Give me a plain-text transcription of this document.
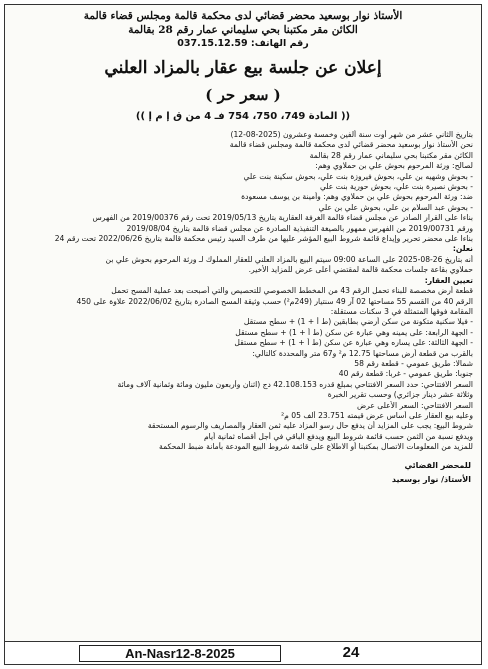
الأستاذ نوار بوسعيد محضر قضائي لدى محكمة قالمة ومجلس قضاء قالمة
الكائن مقر مكتبنا بحي سليماني عمار رقم 28 بقالمة
رقم الهاتف: 037.15.12.59
إعلان عن جلسة بيع عقار بالمزاد العلني
( سعر حر )
(( المادة 749، 750، 754 فـ 4 من ق إ م إ ))

بتاريخ الثاني عشر من شهر أوت سنة ألفين وخمسة وعشرون (2025-08-12)

نحن الأستاذ نوار بوسعيد محضر قضائي لدى محكمة قالمة ومجلس قضاء قالمة

الكائن مقر مكتبنا بحي سليماني عمار رقم 28 بقالمة

لصالح: ورثة المرحوم بحوش علي بن حملاوي وهم:

- بحوش وشهيه بن علي، بحوش فيروزة بنت علي، بحوش سكينة بنت علي

- بحوش نصيرة بنت علي، بحوش حورية بنت علي

ضد: ورثة المرحوم بحوش علي بن حملاوي وهم: وأمينة بن يوسف مسعودة

- بحوش عبد السلام بن علي، بحوش علي بن علي

بناءا على القرار الصادر عن مجلس قضاء قالمة الغرفة العقارية بتاريخ 2019/05/13 تحت رقم 2019/00376 من الفهرس

ورقم 2019/00731 من الفهرس ممهور بالصيغة التنفيذية الصادرة عن مجلس قضاء قالمة بتاريخ 2019/08/04

بناءا على محضر تحرير وإيداع قائمة شروط البيع المؤشر عليها من طرف السيد رئيس محكمة قالمة بتاريخ 2022/06/26 تحت رقم 24

نعلن:

أنه بتاريخ 26-08-2025 على الساعة 09:00 سيتم البيع بالمزاد العلني للعقار المملوك لـ ورثة المرحوم بحوش علي بن

حملاوي بقاعة جلسات محكمة قالمة لمقتضي أعلى عرض للمزايد الأخير.

تعيين العقار:

قطعة أرض مخصصة للبناء تحمل الرقم 43 من المخطط الخصوصي للتحصيص والتي أصبحت بعد عملية المسح تحمل

الرقم 40 من القسم 55 مساحتها 02 آر 49 سنتيار (249م²) حسب وثيقة المسح الصادرة بتاريخ 2022/06/02 علاوة على 450

المقامة فوقها المتمثلة في 3 سكنات مستقلة:

- فيلا سكنية متكونة من سكن أرضي بطابقين (ط أ + 1) + سطح مستقل

- الجهة الرابعة: على يمينه وهي عبارة عن سكن (ط أ + 1) + سطح مستقل

- الجهة الثالثة: على يساره وهي عبارة عن سكن (ط أ + 1) + سطح مستقل

بالقرب من قطعة أرض مساحتها 12.75 م² و67 متر والمحددة كالتالي:

شمالا: طريق عمومي - قطعة رقم 58

جنوبا: طريق عمومي - غربا: قطعة رقم 40

السعر الافتتاحي: حدد السعر الافتتاحي بمبلغ قدره 42.108.153 دج (اثنان وأربعون مليون ومائة وثمانية آلاف ومائة

وثلاثة عشر دينار جزائري) وحسب تقرير الخبرة

السعر الافتتاحي: السعر الأعلى عرض

وعليه بيع العقار على أساس عرض قيمته 23.751 ألف 05 م²

شروط البيع: يجب على المزايد أن يدفع حال رسو المزاد عليه ثمن العقار والمصاريف والرسوم المستحقة

ويدفع نسبة من الثمن حسب قائمة شروط البيع ويدفع الباقي في أجل أقصاه ثمانية أيام

للمزيد من المعلومات الاتصال بمكتبنا أو الاطلاع على قائمة شروط البيع المودعة بأمانة ضبط المحكمة

للمحضر القضائي
الأستاذ/ نوار بوسعيد
An-Nasr12-8-2025	24
